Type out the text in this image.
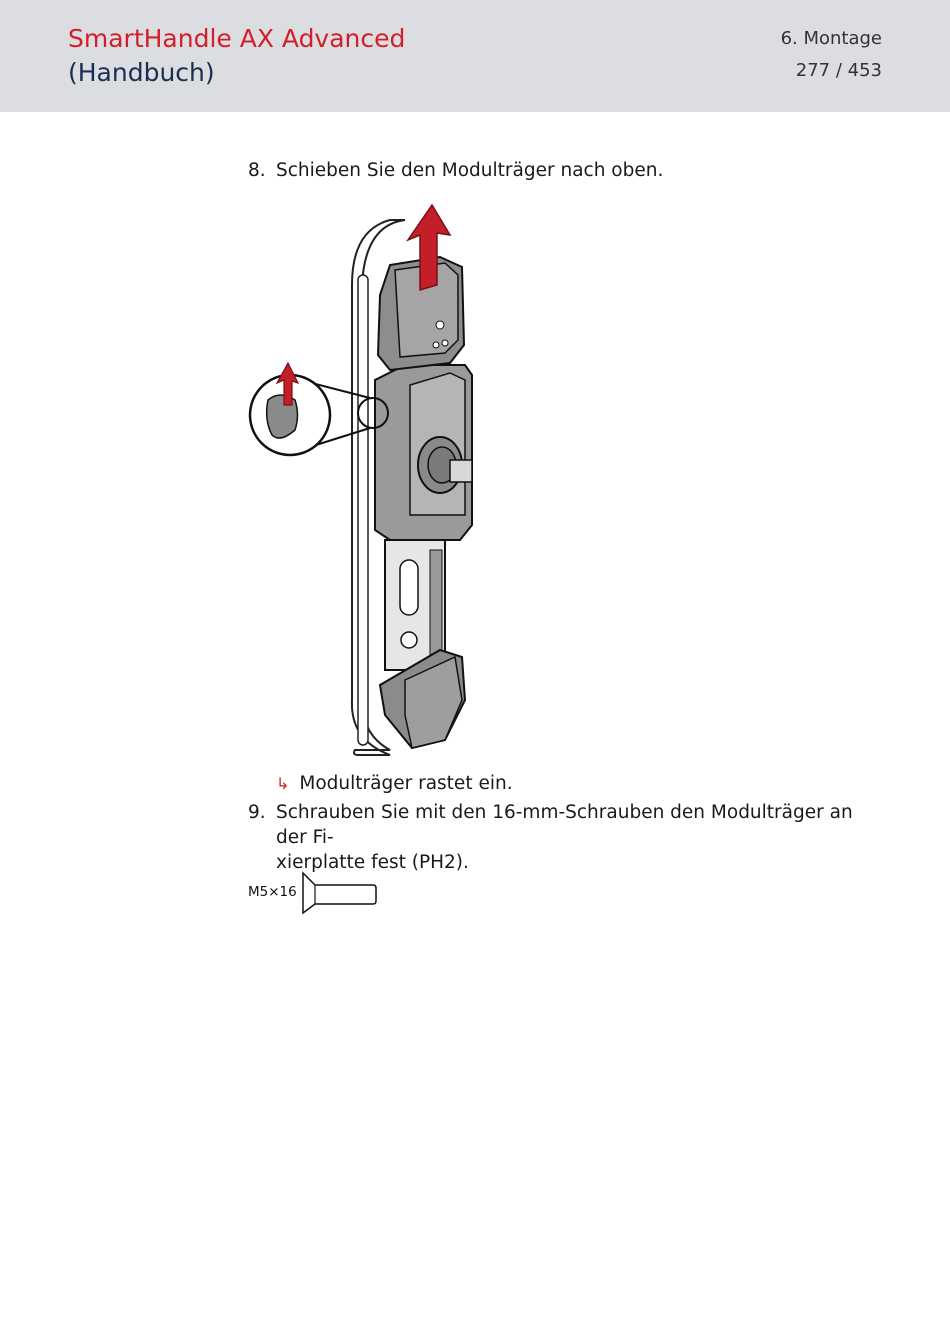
SmartHandle AX Advanced
(Handbuch)
6. Montage
277 / 453
8. Schieben Sie den Modulträger nach oben.
↳ Modulträger rastet ein.
9. Schrauben Sie mit den 16-mm-Schrauben den Modulträger an der Fi-
xierplatte fest (PH2).
M5×16
